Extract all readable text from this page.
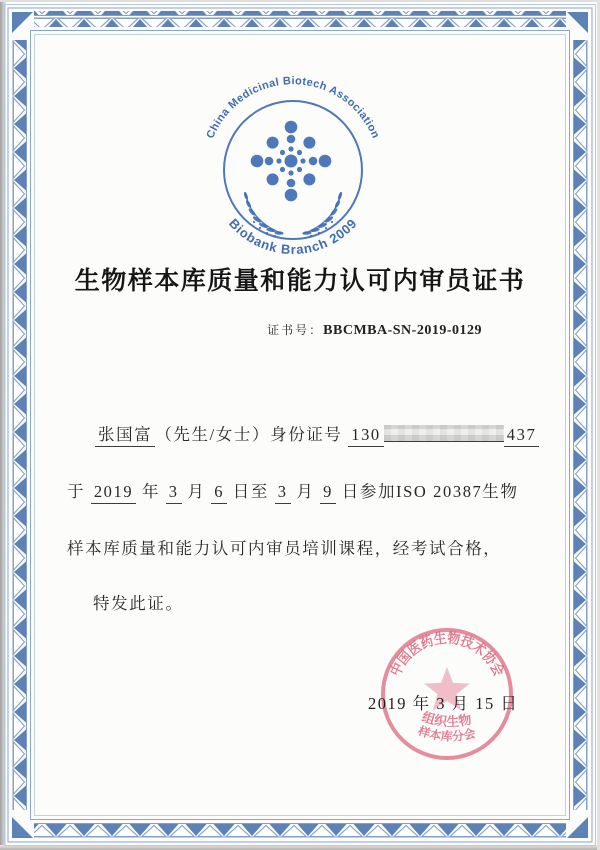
China Medicinal Biotech Association
Biobank Branch 2009
生物样本库质量和能力认可内审员证书
证书号：BBCMBA-SN-2019-0129
张国富 （先生/女士）身份证号 130	437
于 2019 年 3 月 6 日至 3 月 9 日参加ISO 20387生物
样本库质量和能力认可内审员培训课程，经考试合格，
特发此证。
中国医药生物技术协会
组织生物
样本库分会
2019 年 3 月 15 日
